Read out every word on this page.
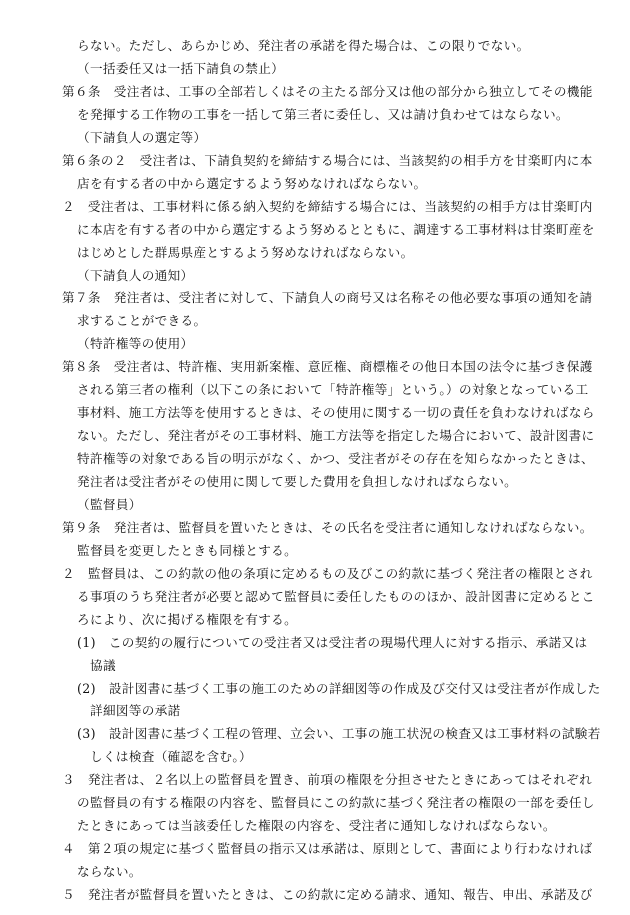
らない。ただし、あらかじめ、発注者の承諾を得た場合は、この限りでない。
（一括委任又は一括下請負の禁止）
第６条　受注者は、工事の全部若しくはその主たる部分又は他の部分から独立してその機能
を発揮する工作物の工事を一括して第三者に委任し、又は請け負わせてはならない。
（下請負人の選定等）
第６条の２　受注者は、下請負契約を締結する場合には、当該契約の相手方を甘楽町内に本
店を有する者の中から選定するよう努めなければならない。
２　受注者は、工事材料に係る納入契約を締結する場合には、当該契約の相手方は甘楽町内
に本店を有する者の中から選定するよう努めるとともに、調達する工事材料は甘楽町産を
はじめとした群馬県産とするよう努めなければならない。
（下請負人の通知）
第７条　発注者は、受注者に対して、下請負人の商号又は名称その他必要な事項の通知を請
求することができる。
（特許権等の使用）
第８条　受注者は、特許権、実用新案権、意匠権、商標権その他日本国の法令に基づき保護
される第三者の権利（以下この条において「特許権等」という。）の対象となっている工
事材料、施工方法等を使用するときは、その使用に関する一切の責任を負わなければなら
ない。ただし、発注者がその工事材料、施工方法等を指定した場合において、設計図書に
特許権等の対象である旨の明示がなく、かつ、受注者がその存在を知らなかったときは、
発注者は受注者がその使用に関して要した費用を負担しなければならない。
（監督員）
第９条　発注者は、監督員を置いたときは、その氏名を受注者に通知しなければならない。
監督員を変更したときも同様とする。
２　監督員は、この約款の他の条項に定めるもの及びこの約款に基づく発注者の権限とされ
る事項のうち発注者が必要と認めて監督員に委任したもののほか、設計図書に定めるとこ
ろにより、次に掲げる権限を有する。
(1)　この契約の履行についての受注者又は受注者の現場代理人に対する指示、承諾又は
協議
(2)　設計図書に基づく工事の施工のための詳細図等の作成及び交付又は受注者が作成した
詳細図等の承諾
(3)　設計図書に基づく工程の管理、立会い、工事の施工状況の検査又は工事材料の試験若
しくは検査（確認を含む。）
３　発注者は、２名以上の監督員を置き、前項の権限を分担させたときにあってはそれぞれ
の監督員の有する権限の内容を、監督員にこの約款に基づく発注者の権限の一部を委任し
たときにあっては当該委任した権限の内容を、受注者に通知しなければならない。
４　第２項の規定に基づく監督員の指示又は承諾は、原則として、書面により行わなければ
ならない。
５　発注者が監督員を置いたときは、この約款に定める請求、通知、報告、申出、承諾及び
